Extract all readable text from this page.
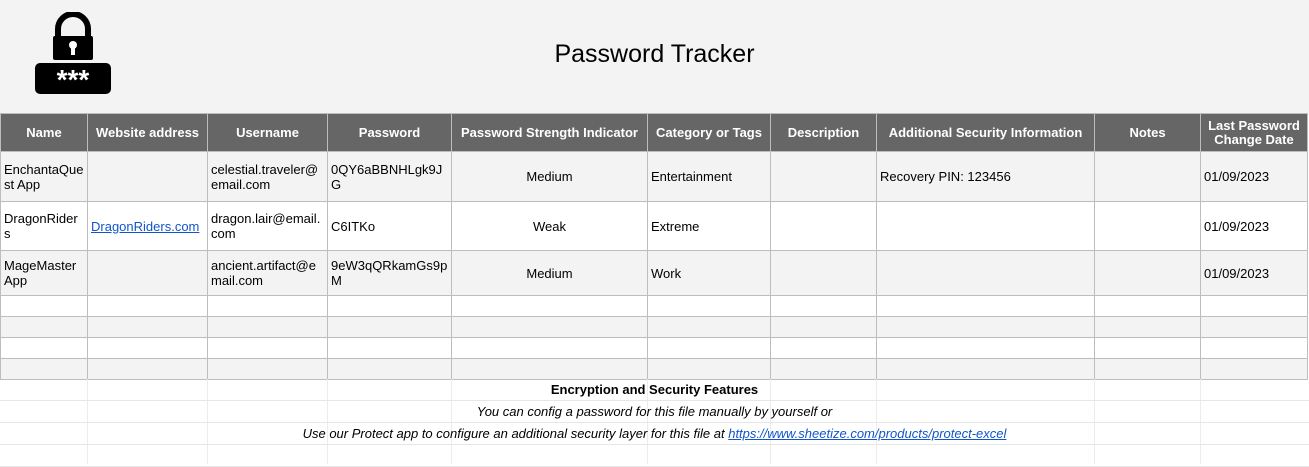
***
Password Tracker
Name	Website address	Username	Password	Password Strength Indicator	Category or Tags	Description	Additional Security Information	Notes	Last Password Change Date
EnchantaQuest App		celestial.traveler@email.com	0QY6aBBNHLgk9JG	Medium	Entertainment		Recovery PIN: 123456		01/09/2023
DragonRiders	DragonRiders.com	dragon.lair@email.com	C6ITKo	Weak	Extreme				01/09/2023
MageMaster App		ancient.artifact@email.com	9eW3qQRkamGs9pM	Medium	Work				01/09/2023

Encryption and Security Features
You can config a password for this file manually by yourself or
Use our Protect app to configure an additional security layer for this file at https://www.sheetize.com/products/protect-excel
